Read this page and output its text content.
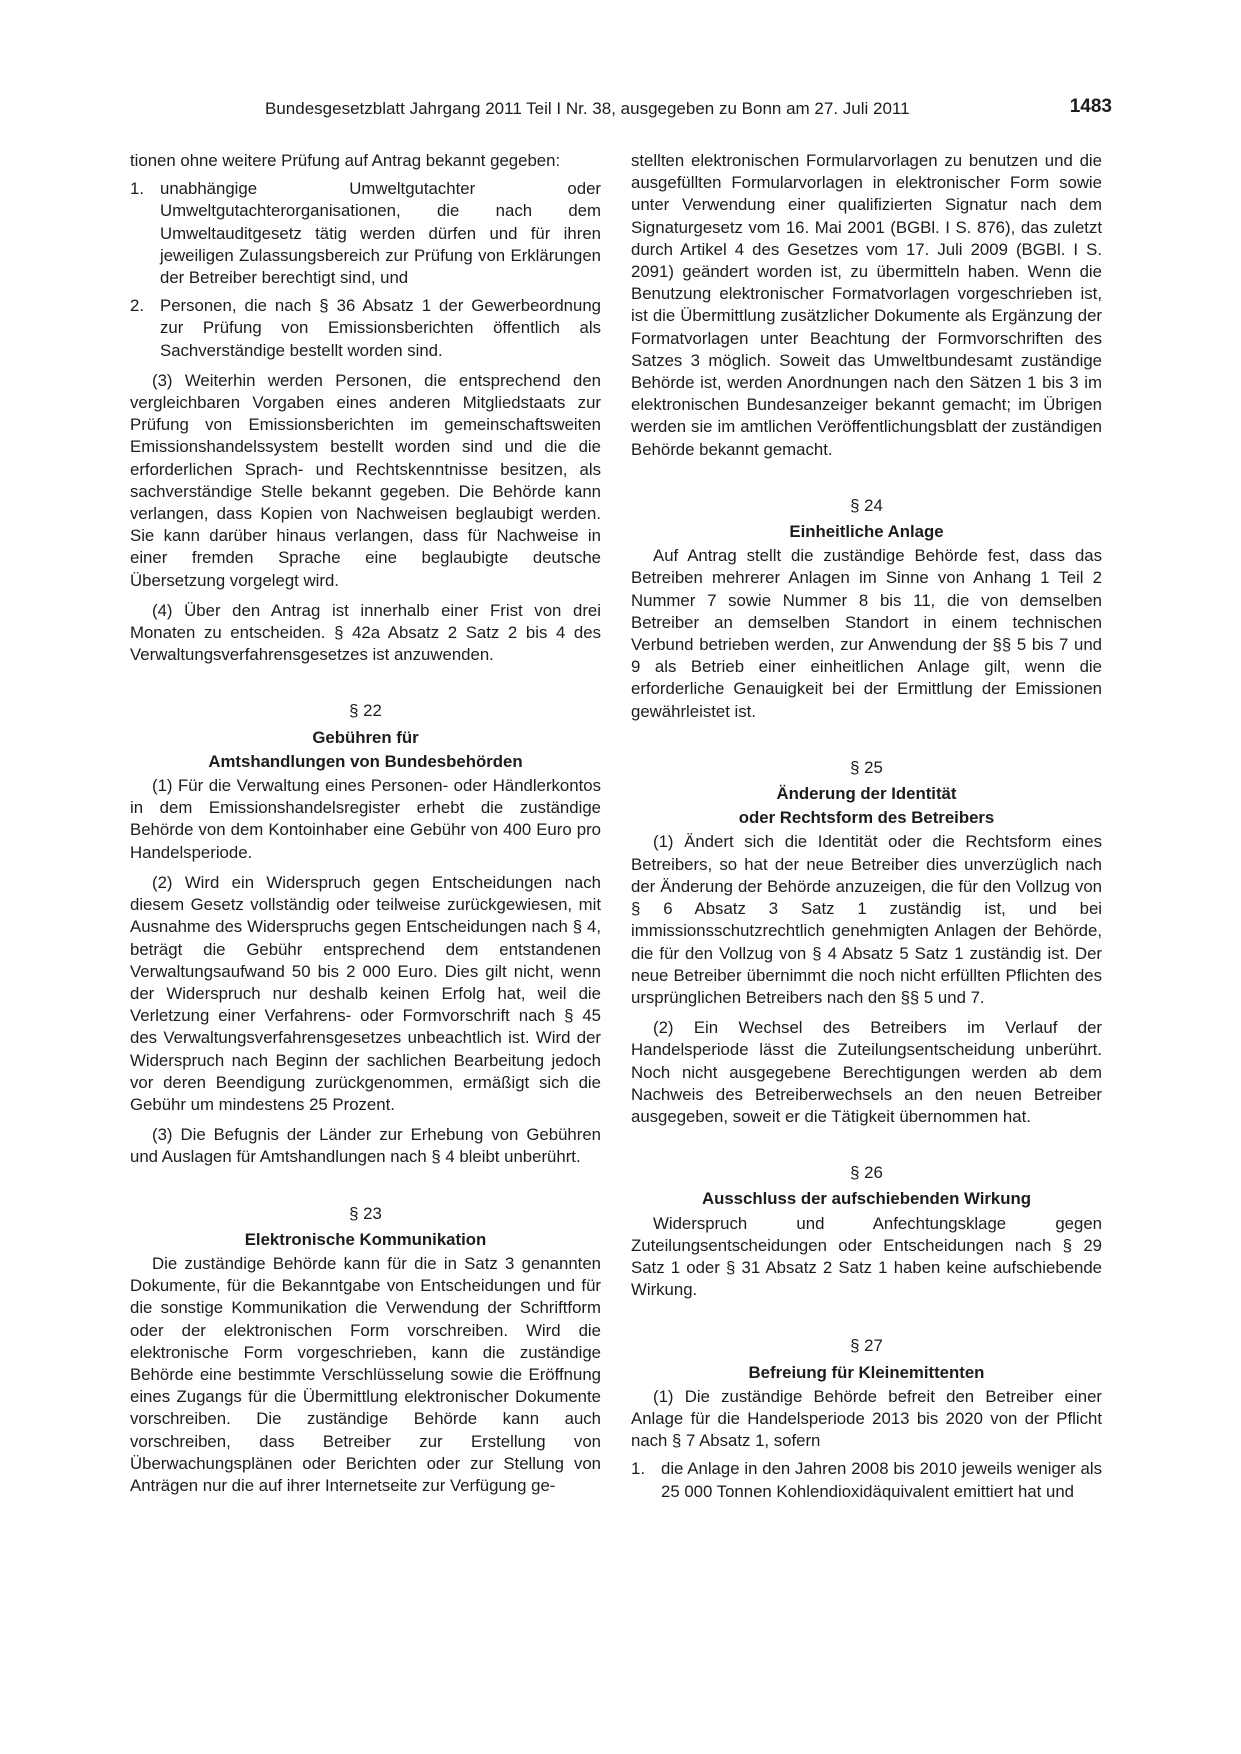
Bundesgesetzblatt Jahrgang 2011 Teil I Nr. 38, ausgegeben zu Bonn am 27. Juli 2011	1483

tionen ohne weitere Prüfung auf Antrag bekannt gegeben:

1. unabhängige Umweltgutachter oder Umweltgutachterorganisationen, die nach dem Umweltauditgesetz tätig werden dürfen und für ihren jeweiligen Zulassungsbereich zur Prüfung von Erklärungen der Betreiber berechtigt sind, und
2. Personen, die nach § 36 Absatz 1 der Gewerbeordnung zur Prüfung von Emissionsberichten öffentlich als Sachverständige bestellt worden sind.

(3) Weiterhin werden Personen, die entsprechend den vergleichbaren Vorgaben eines anderen Mitgliedstaats zur Prüfung von Emissionsberichten im gemeinschaftsweiten Emissionshandelssystem bestellt worden sind und die die erforderlichen Sprach- und Rechtskenntnisse besitzen, als sachverständige Stelle bekannt gegeben. Die Behörde kann verlangen, dass Kopien von Nachweisen beglaubigt werden. Sie kann darüber hinaus verlangen, dass für Nachweise in einer fremden Sprache eine beglaubigte deutsche Übersetzung vorgelegt wird.

(4) Über den Antrag ist innerhalb einer Frist von drei Monaten zu entscheiden. § 42a Absatz 2 Satz 2 bis 4 des Verwaltungsverfahrensgesetzes ist anzuwenden.

§ 22
Gebühren für
Amtshandlungen von Bundesbehörden

(1) Für die Verwaltung eines Personen- oder Händlerkontos in dem Emissionshandelsregister erhebt die zuständige Behörde von dem Kontoinhaber eine Gebühr von 400 Euro pro Handelsperiode.

(2) Wird ein Widerspruch gegen Entscheidungen nach diesem Gesetz vollständig oder teilweise zurückgewiesen, mit Ausnahme des Widerspruchs gegen Entscheidungen nach § 4, beträgt die Gebühr entsprechend dem entstandenen Verwaltungsaufwand 50 bis 2 000 Euro. Dies gilt nicht, wenn der Widerspruch nur deshalb keinen Erfolg hat, weil die Verletzung einer Verfahrens- oder Formvorschrift nach § 45 des Verwaltungsverfahrensgesetzes unbeachtlich ist. Wird der Widerspruch nach Beginn der sachlichen Bearbeitung jedoch vor deren Beendigung zurückgenommen, ermäßigt sich die Gebühr um mindestens 25 Prozent.

(3) Die Befugnis der Länder zur Erhebung von Gebühren und Auslagen für Amtshandlungen nach § 4 bleibt unberührt.

§ 23
Elektronische Kommunikation

Die zuständige Behörde kann für die in Satz 3 genannten Dokumente, für die Bekanntgabe von Entscheidungen und für die sonstige Kommunikation die Verwendung der Schriftform oder der elektronischen Form vorschreiben. Wird die elektronische Form vorgeschrieben, kann die zuständige Behörde eine bestimmte Verschlüsselung sowie die Eröffnung eines Zugangs für die Übermittlung elektronischer Dokumente vorschreiben. Die zuständige Behörde kann auch vorschreiben, dass Betreiber zur Erstellung von Überwachungsplänen oder Berichten oder zur Stellung von Anträgen nur die auf ihrer Internetseite zur Verfügung ge-

stellten elektronischen Formularvorlagen zu benutzen und die ausgefüllten Formularvorlagen in elektronischer Form sowie unter Verwendung einer qualifizierten Signatur nach dem Signaturgesetz vom 16. Mai 2001 (BGBl. I S. 876), das zuletzt durch Artikel 4 des Gesetzes vom 17. Juli 2009 (BGBl. I S. 2091) geändert worden ist, zu übermitteln haben. Wenn die Benutzung elektronischer Formatvorlagen vorgeschrieben ist, ist die Übermittlung zusätzlicher Dokumente als Ergänzung der Formatvorlagen unter Beachtung der Formvorschriften des Satzes 3 möglich. Soweit das Umweltbundesamt zuständige Behörde ist, werden Anordnungen nach den Sätzen 1 bis 3 im elektronischen Bundesanzeiger bekannt gemacht; im Übrigen werden sie im amtlichen Veröffentlichungsblatt der zuständigen Behörde bekannt gemacht.

§ 24
Einheitliche Anlage

Auf Antrag stellt die zuständige Behörde fest, dass das Betreiben mehrerer Anlagen im Sinne von Anhang 1 Teil 2 Nummer 7 sowie Nummer 8 bis 11, die von demselben Betreiber an demselben Standort in einem technischen Verbund betrieben werden, zur Anwendung der §§ 5 bis 7 und 9 als Betrieb einer einheitlichen Anlage gilt, wenn die erforderliche Genauigkeit bei der Ermittlung der Emissionen gewährleistet ist.

§ 25
Änderung der Identität
oder Rechtsform des Betreibers

(1) Ändert sich die Identität oder die Rechtsform eines Betreibers, so hat der neue Betreiber dies unverzüglich nach der Änderung der Behörde anzuzeigen, die für den Vollzug von § 6 Absatz 3 Satz 1 zuständig ist, und bei immissionsschutzrechtlich genehmigten Anlagen der Behörde, die für den Vollzug von § 4 Absatz 5 Satz 1 zuständig ist. Der neue Betreiber übernimmt die noch nicht erfüllten Pflichten des ursprünglichen Betreibers nach den §§ 5 und 7.

(2) Ein Wechsel des Betreibers im Verlauf der Handelsperiode lässt die Zuteilungsentscheidung unberührt. Noch nicht ausgegebene Berechtigungen werden ab dem Nachweis des Betreiberwechsels an den neuen Betreiber ausgegeben, soweit er die Tätigkeit übernommen hat.

§ 26
Ausschluss der aufschiebenden Wirkung

Widerspruch und Anfechtungsklage gegen Zuteilungsentscheidungen oder Entscheidungen nach § 29 Satz 1 oder § 31 Absatz 2 Satz 1 haben keine aufschiebende Wirkung.

§ 27
Befreiung für Kleinemittenten

(1) Die zuständige Behörde befreit den Betreiber einer Anlage für die Handelsperiode 2013 bis 2020 von der Pflicht nach § 7 Absatz 1, sofern

1. die Anlage in den Jahren 2008 bis 2010 jeweils weniger als 25 000 Tonnen Kohlendioxidäquivalent emittiert hat und
